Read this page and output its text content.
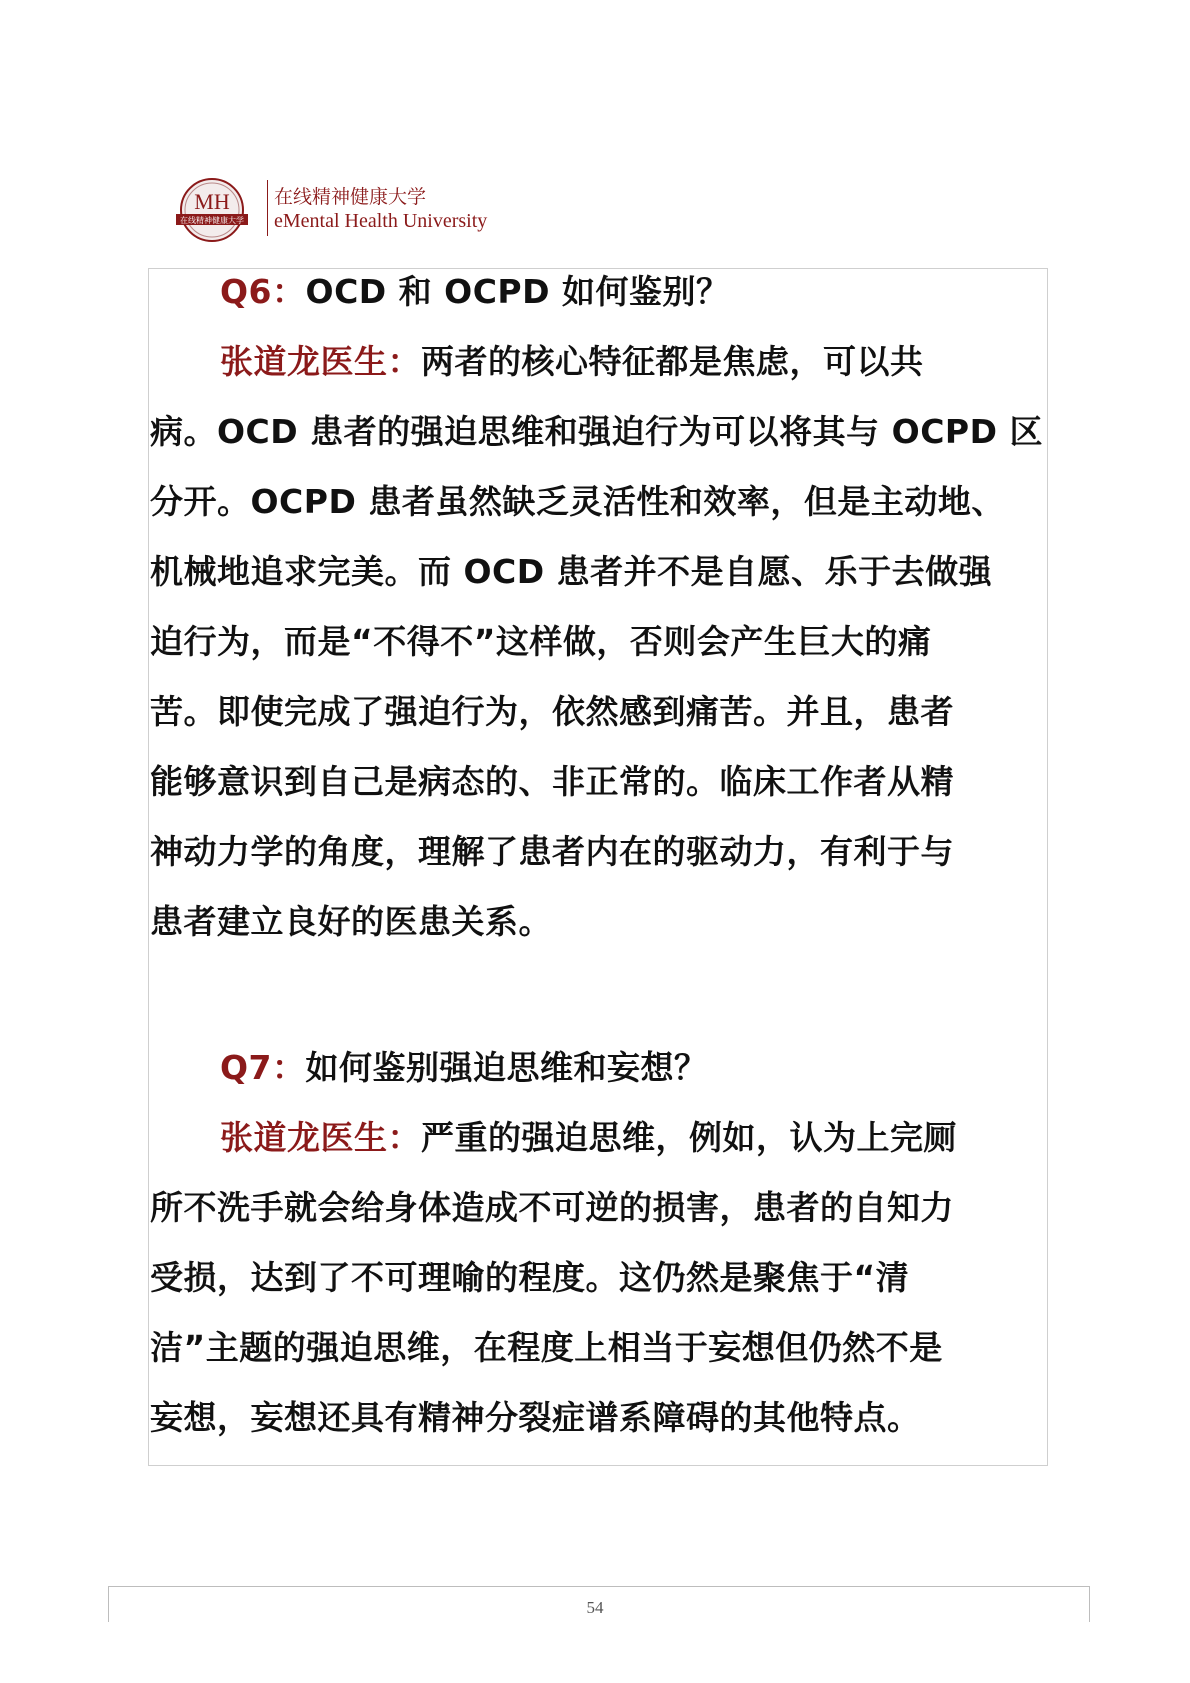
MH
在线精神健康大学
在线精神健康大学
eMental Health University
Q6：OCD 和 OCPD 如何鉴别？
张道龙医生：两者的核心特征都是焦虑，可以共
病。OCD 患者的强迫思维和强迫行为可以将其与 OCPD 区
分开。OCPD 患者虽然缺乏灵活性和效率，但是主动地、
机械地追求完美。而 OCD 患者并不是自愿、乐于去做强
迫行为，而是“不得不”这样做，否则会产生巨大的痛
苦。即使完成了强迫行为，依然感到痛苦。并且，患者
能够意识到自己是病态的、非正常的。临床工作者从精
神动力学的角度，理解了患者内在的驱动力，有利于与
患者建立良好的医患关系。
Q7：如何鉴别强迫思维和妄想？
张道龙医生：严重的强迫思维，例如，认为上完厕
所不洗手就会给身体造成不可逆的损害，患者的自知力
受损，达到了不可理喻的程度。这仍然是聚焦于“清
洁”主题的强迫思维，在程度上相当于妄想但仍然不是
妄想，妄想还具有精神分裂症谱系障碍的其他特点。
54
